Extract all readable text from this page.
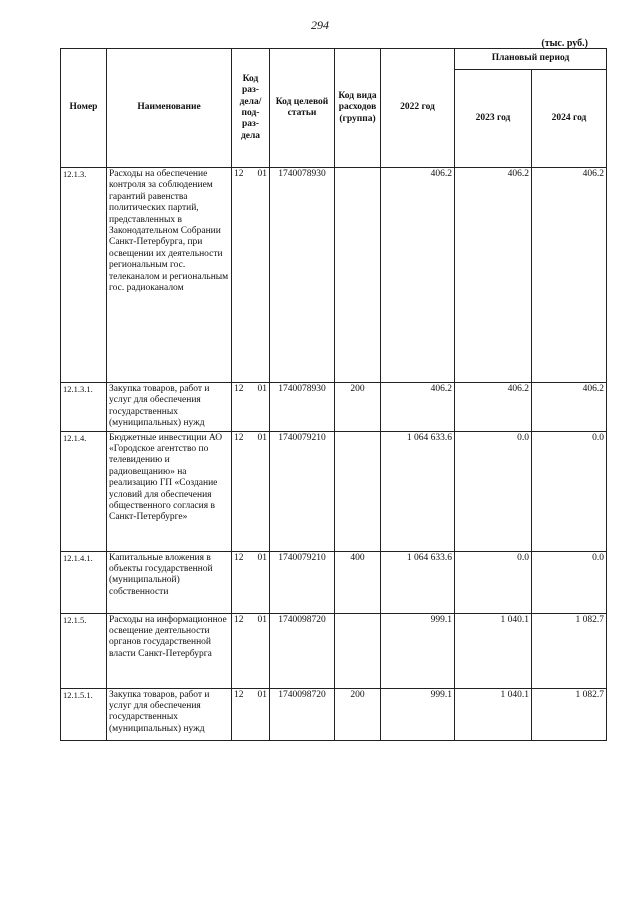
294
(тыс. руб.)
Номер	Наименование	Код раз-дела/ под-раз-дела	Код целевой статьи	Код вида расходов (группа)	2022 год	Плановый период	
						2023 год	2024 год
12.1.3.	Расходы на обеспечение контроля за соблюдением гарантий равенства политических партий, представленных в Законодательном Собрании Санкт-Петербурга, при освещении их деятельности региональным гос. телеканалом и региональным гос. радиоканалом	12 01	1740078930		406.2	406.2	406.2
12.1.3.1.	Закупка товаров, работ и услуг для обеспечения государственных (муниципальных) нужд	12 01	1740078930	200	406.2	406.2	406.2
12.1.4.	Бюджетные инвестиции АО «Городское агентство по телевидению и радиовещанию» на реализацию ГП «Создание условий для обеспечения общественного согласия в Санкт-Петербурге»	12 01	1740079210		1 064 633.6	0.0	0.0
12.1.4.1.	Капитальные вложения в объекты государственной (муниципальной) собственности	12 01	1740079210	400	1 064 633.6	0.0	0.0
12.1.5.	Расходы на информационное освещение деятельности органов государственной власти Санкт-Петербурга	12 01	1740098720		999.1	1 040.1	1 082.7
12.1.5.1.	Закупка товаров, работ и услуг для обеспечения государственных (муниципальных) нужд	12 01	1740098720	200	999.1	1 040.1	1 082.7
